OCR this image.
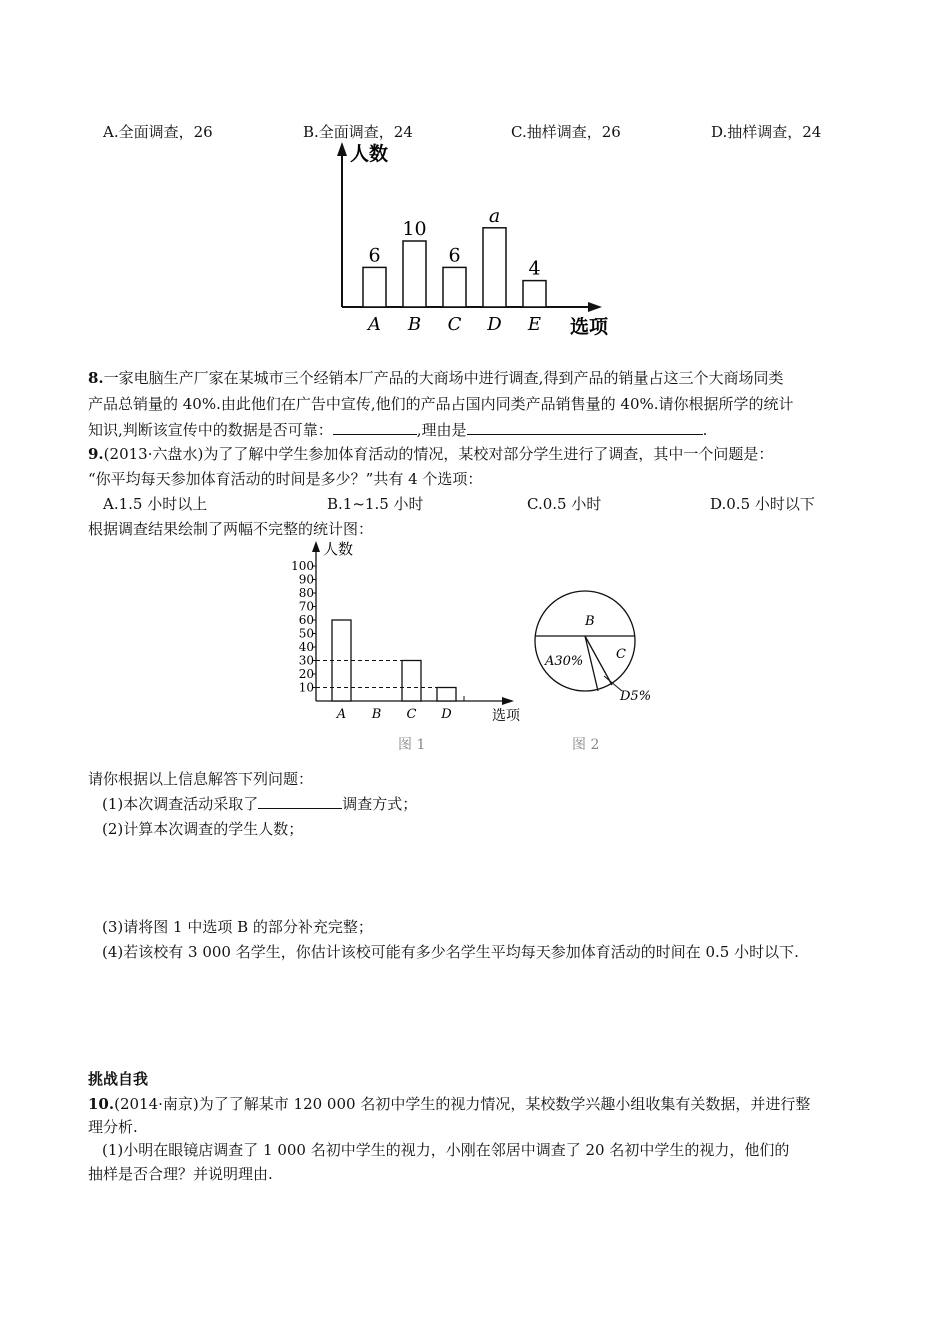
A.全面调查，26	B.全面调查，24	C.抽样调查，26	D.抽样调查，24
人数
选项
6
A
10
B
6
C
a
D
4
E
8.一家电脑生产厂家在某城市三个经销本厂产品的大商场中进行调查,得到产品的销量占这三个大商场同类
产品总销量的 40%.由此他们在广告中宣传,他们的产品占国内同类产品销售量的 40%.请你根据所学的统计
知识,判断该宣传中的数据是否可靠：	,理由是	.
9.(2013·六盘水)为了了解中学生参加体育活动的情况，某校对部分学生进行了调查，其中一个问题是：
“你平均每天参加体育活动的时间是多少？”共有 4 个选项：
A.1.5 小时以上	B.1~1.5 小时	C.0.5 小时	D.0.5 小时以下
根据调查结果绘制了两幅不完整的统计图：
人数
选项
10
20
30
40
50
60
70
80
90
100
A B C D
B
A30%	C
D5%
图 1	图 2
请你根据以上信息解答下列问题：
(1)本次调查活动采取了	调查方式；
(2)计算本次调查的学生人数；
(3)请将图 1 中选项 B 的部分补充完整；
(4)若该校有 3 000 名学生，你估计该校可能有多少名学生平均每天参加体育活动的时间在 0.5 小时以下.
挑战自我
10.(2014·南京)为了了解某市 120 000 名初中学生的视力情况，某校数学兴趣小组收集有关数据，并进行整
理分析.
(1)小明在眼镜店调查了 1 000 名初中学生的视力，小刚在邻居中调查了 20 名初中学生的视力，他们的
抽样是否合理？并说明理由.
